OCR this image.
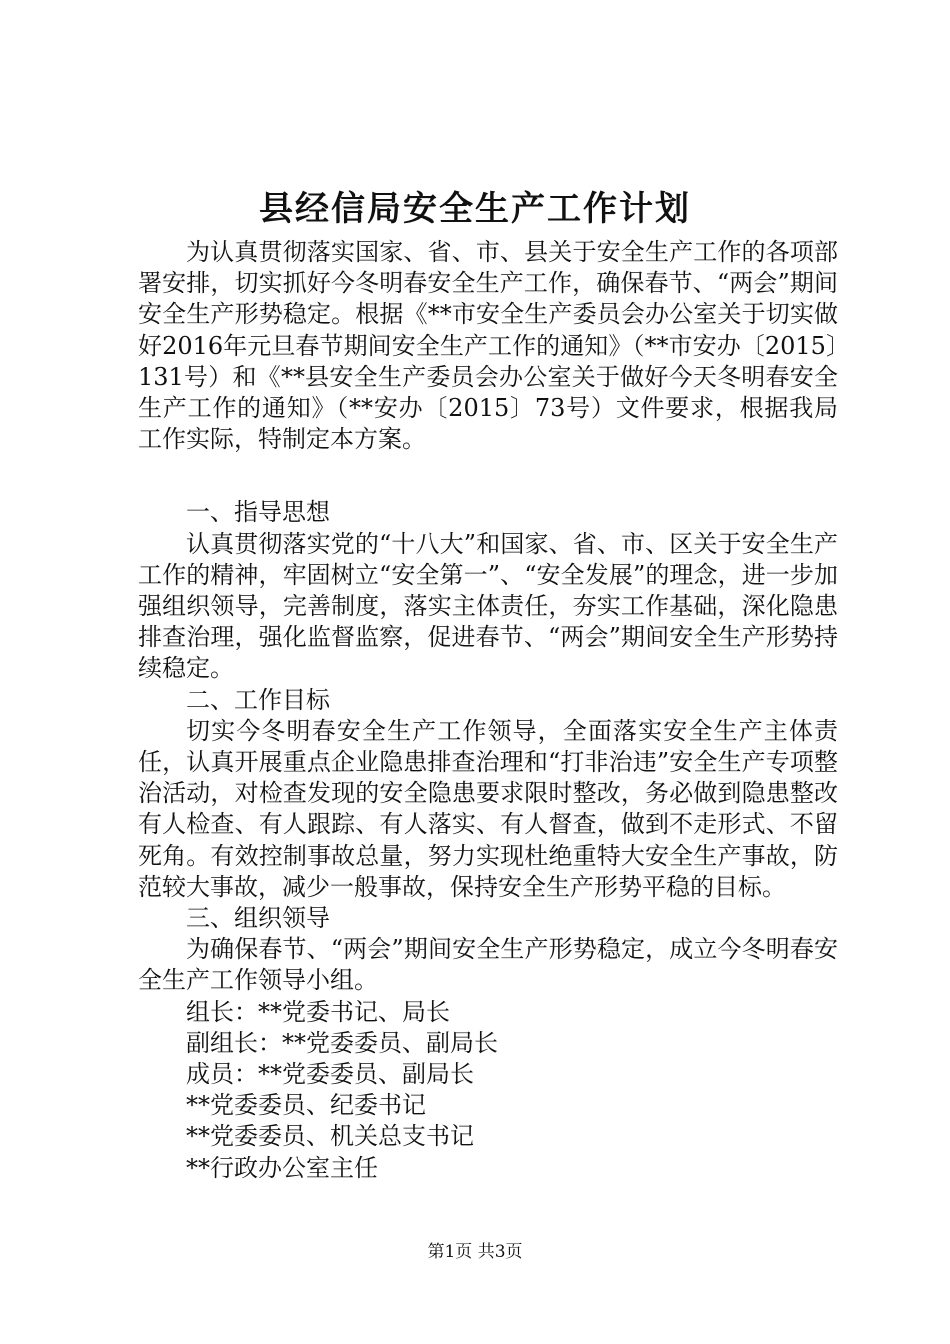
县经信局安全生产工作计划

为认真贯彻落实国家、省、市、县关于安全生产工作的各项部署安排，切实抓好今冬明春安全生产工作，确保春节、“两会”期间安全生产形势稳定。根据《**市安全生产委员会办公室关于切实做好2016年元旦春节期间安全生产工作的通知》（**市安办〔2015〕131号）和《**县安全生产委员会办公室关于做好今天冬明春安全生产工作的通知》（**安办〔2015〕73号）文件要求，根据我局工作实际，特制定本方案。

一、指导思想

认真贯彻落实党的“十八大”和国家、省、市、区关于安全生产工作的精神，牢固树立“安全第一”、“安全发展”的理念，进一步加强组织领导，完善制度，落实主体责任，夯实工作基础，深化隐患排查治理，强化监督监察，促进春节、“两会”期间安全生产形势持续稳定。

二、工作目标

切实今冬明春安全生产工作领导，全面落实安全生产主体责任，认真开展重点企业隐患排查治理和“打非治违”安全生产专项整治活动，对检查发现的安全隐患要求限时整改，务必做到隐患整改有人检查、有人跟踪、有人落实、有人督查，做到不走形式、不留死角。有效控制事故总量，努力实现杜绝重特大安全生产事故，防范较大事故，减少一般事故，保持安全生产形势平稳的目标。

三、组织领导

为确保春节、“两会”期间安全生产形势稳定，成立今冬明春安全生产工作领导小组。

组长：**党委书记、局长

副组长：**党委委员、副局长

成员：**党委委员、副局长

**党委委员、纪委书记

**党委委员、机关总支书记

**行政办公室主任

第1页 共3页
